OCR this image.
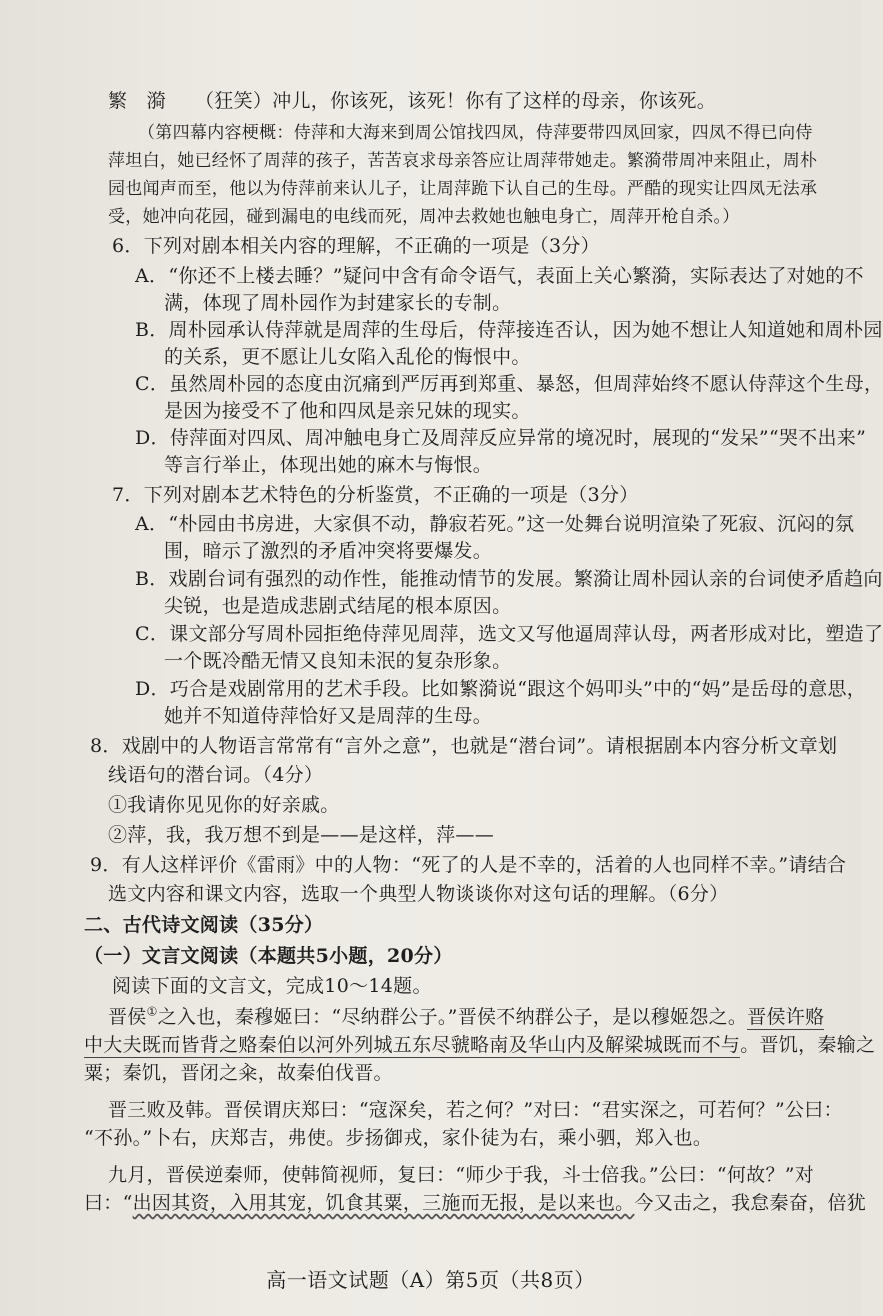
繁　漪　　（狂笑）冲儿，你该死，该死！你有了这样的母亲，你该死。
（第四幕内容梗概：侍萍和大海来到周公馆找四凤，侍萍要带四凤回家，四凤不得已向侍
萍坦白，她已经怀了周萍的孩子，苦苦哀求母亲答应让周萍带她走。繁漪带周冲来阻止，周朴
园也闻声而至，他以为侍萍前来认儿子，让周萍跪下认自己的生母。严酷的现实让四凤无法承
受，她冲向花园，碰到漏电的电线而死，周冲去救她也触电身亡，周萍开枪自杀。）
6．下列对剧本相关内容的理解，不正确的一项是（3分）
A．“你还不上楼去睡？”疑问中含有命令语气，表面上关心繁漪，实际表达了对她的不
满，体现了周朴园作为封建家长的专制。
B．周朴园承认侍萍就是周萍的生母后，侍萍接连否认，因为她不想让人知道她和周朴园
的关系，更不愿让儿女陷入乱伦的悔恨中。
C．虽然周朴园的态度由沉痛到严厉再到郑重、暴怒，但周萍始终不愿认侍萍这个生母，
是因为接受不了他和四凤是亲兄妹的现实。
D．侍萍面对四凤、周冲触电身亡及周萍反应异常的境况时，展现的“发呆”“哭不出来”
等言行举止，体现出她的麻木与悔恨。
7．下列对剧本艺术特色的分析鉴赏，不正确的一项是（3分）
A．“朴园由书房进，大家俱不动，静寂若死。”这一处舞台说明渲染了死寂、沉闷的氛
围，暗示了激烈的矛盾冲突将要爆发。
B．戏剧台词有强烈的动作性，能推动情节的发展。繁漪让周朴园认亲的台词使矛盾趋向
尖锐，也是造成悲剧式结尾的根本原因。
C．课文部分写周朴园拒绝侍萍见周萍，选文又写他逼周萍认母，两者形成对比，塑造了
一个既冷酷无情又良知未泯的复杂形象。
D．巧合是戏剧常用的艺术手段。比如繁漪说“跟这个妈叩头”中的“妈”是岳母的意思，
她并不知道侍萍恰好又是周萍的生母。
8．戏剧中的人物语言常常有“言外之意”，也就是“潜台词”。请根据剧本内容分析文章划
线语句的潜台词。（4分）
①我请你见见你的好亲戚。
②萍，我，我万想不到是——是这样，萍——
9．有人这样评价《雷雨》中的人物：“死了的人是不幸的，活着的人也同样不幸。”请结合
选文内容和课文内容，选取一个典型人物谈谈你对这句话的理解。（6分）
二、古代诗文阅读（35分）
（一）文言文阅读（本题共5小题，20分）
阅读下面的文言文，完成10～14题。
晋侯①之入也，秦穆姬曰：“尽纳群公子。”晋侯不纳群公子，是以穆姬怨之。晋侯许赂
中大夫既而皆背之赂秦伯以河外列城五东尽虢略南及华山内及解梁城既而不与。晋饥，秦输之
粟；秦饥，晋闭之籴，故秦伯伐晋。
晋三败及韩。晋侯谓庆郑曰：“寇深矣，若之何？”对曰：“君实深之，可若何？”公曰：
“不孙。”卜右，庆郑吉，弗使。步扬御戎，家仆徒为右，乘小驷，郑入也。
九月，晋侯逆秦师，使韩简视师，复曰：“师少于我，斗士倍我。”公曰：“何故？”对
曰：“出因其资，入用其宠，饥食其粟，三施而无报，是以来也。今又击之，我怠秦奋，倍犹
高一语文试题（A）第5页（共8页）
